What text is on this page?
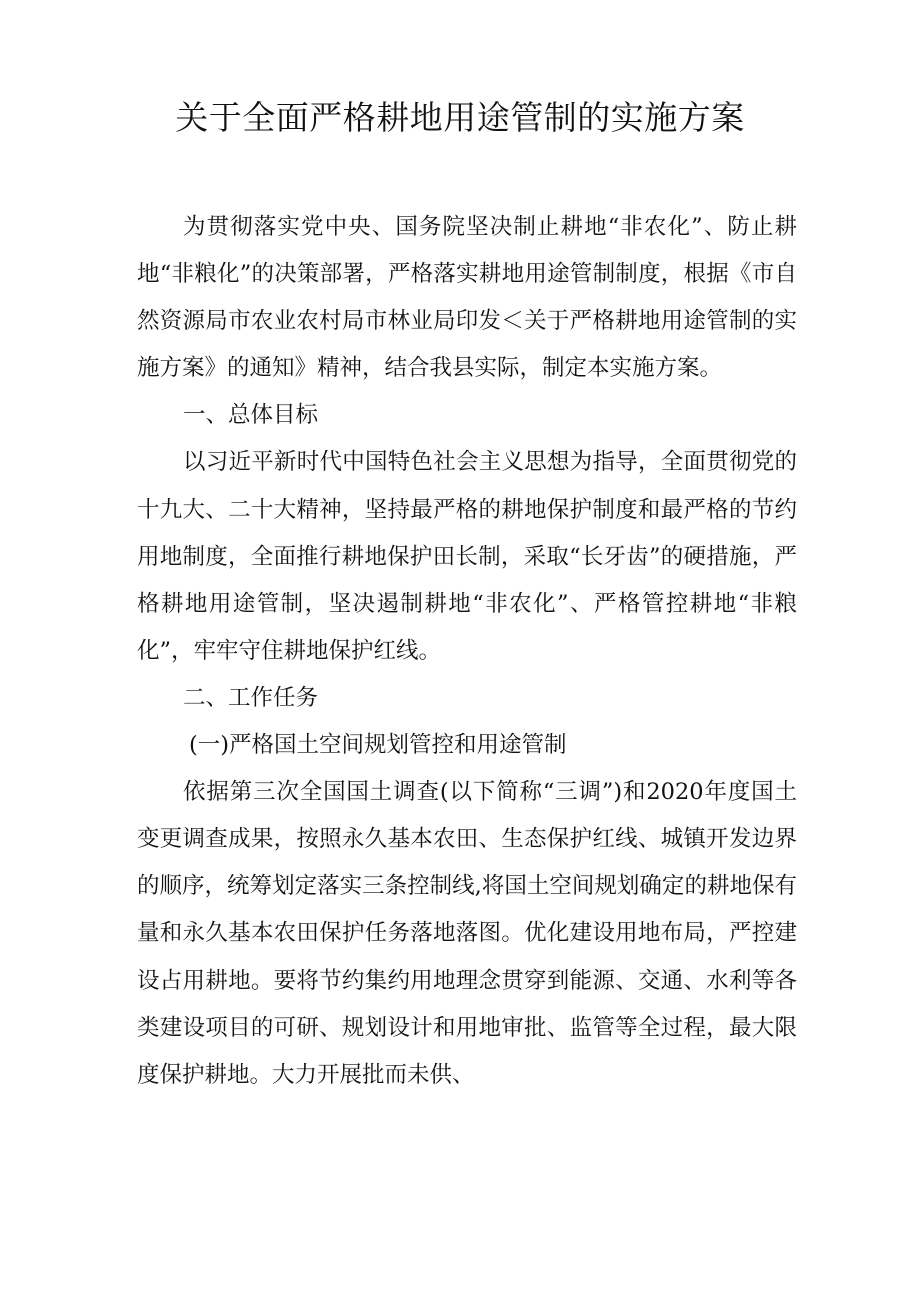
关于全面严格耕地用途管制的实施方案

为贯彻落实党中央、国务院坚决制止耕地“非农化”、防止耕地“非粮化”的决策部署，严格落实耕地用途管制制度，根据《市自然资源局市农业农村局市林业局印发＜关于严格耕地用途管制的实施方案》的通知》精神，结合我县实际，制定本实施方案。

一、总体目标

以习近平新时代中国特色社会主义思想为指导，全面贯彻党的十九大、二十大精神，坚持最严格的耕地保护制度和最严格的节约用地制度，全面推行耕地保护田长制，采取“长牙齿”的硬措施，严格耕地用途管制，坚决遏制耕地“非农化”、严格管控耕地“非粮化”，牢牢守住耕地保护红线。

二、工作任务

(一)严格国土空间规划管控和用途管制

依据第三次全国国土调查(以下简称“三调”)和2020年度国土变更调查成果，按照永久基本农田、生态保护红线、城镇开发边界的顺序，统筹划定落实三条控制线,将国土空间规划确定的耕地保有量和永久基本农田保护任务落地落图。优化建设用地布局，严控建设占用耕地。要将节约集约用地理念贯穿到能源、交通、水利等各类建设项目的可研、规划设计和用地审批、监管等全过程，最大限度保护耕地。大力开展批而未供、
